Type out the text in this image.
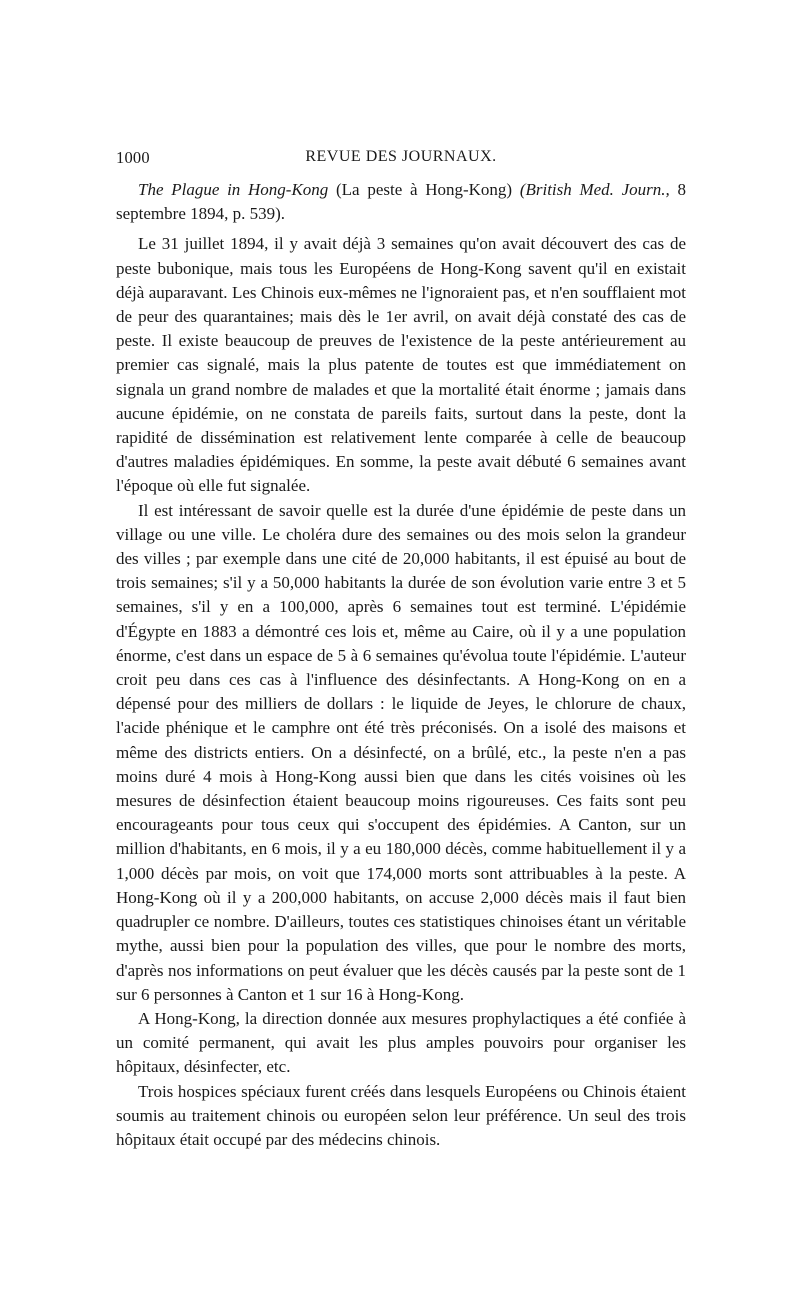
1000	REVUE DES JOURNAUX.

The Plague in Hong-Kong (La peste à Hong-Kong) (British Med. Journ., 8 septembre 1894, p. 539).

Le 31 juillet 1894, il y avait déjà 3 semaines qu'on avait découvert des cas de peste bubonique, mais tous les Européens de Hong-Kong savent qu'il en existait déjà auparavant. Les Chinois eux-mêmes ne l'ignoraient pas, et n'en soufflaient mot de peur des quarantaines; mais dès le 1er avril, on avait déjà constaté des cas de peste. Il existe beaucoup de preuves de l'existence de la peste antérieurement au premier cas signalé, mais la plus patente de toutes est que immédiatement on signala un grand nombre de malades et que la mortalité était énorme ; jamais dans aucune épidémie, on ne constata de pareils faits, surtout dans la peste, dont la rapidité de dissémination est relativement lente comparée à celle de beaucoup d'autres maladies épidémiques. En somme, la peste avait débuté 6 semaines avant l'époque où elle fut signalée.

Il est intéressant de savoir quelle est la durée d'une épidémie de peste dans un village ou une ville. Le choléra dure des semaines ou des mois selon la grandeur des villes ; par exemple dans une cité de 20,000 habitants, il est épuisé au bout de trois semaines; s'il y a 50,000 habitants la durée de son évolution varie entre 3 et 5 semaines, s'il y en a 100,000, après 6 semaines tout est terminé. L'épidémie d'Égypte en 1883 a démontré ces lois et, même au Caire, où il y a une population énorme, c'est dans un espace de 5 à 6 semaines qu'évolua toute l'épidémie. L'auteur croit peu dans ces cas à l'influence des désinfectants. A Hong-Kong on en a dépensé pour des milliers de dollars : le liquide de Jeyes, le chlorure de chaux, l'acide phénique et le camphre ont été très préconisés. On a isolé des maisons et même des districts entiers. On a désinfecté, on a brûlé, etc., la peste n'en a pas moins duré 4 mois à Hong-Kong aussi bien que dans les cités voisines où les mesures de désinfection étaient beaucoup moins rigoureuses. Ces faits sont peu encourageants pour tous ceux qui s'occupent des épidémies. A Canton, sur un million d'habitants, en 6 mois, il y a eu 180,000 décès, comme habituellement il y a 1,000 décès par mois, on voit que 174,000 morts sont attribuables à la peste. A Hong-Kong où il y a 200,000 habitants, on accuse 2,000 décès mais il faut bien quadrupler ce nombre. D'ailleurs, toutes ces statistiques chinoises étant un véritable mythe, aussi bien pour la population des villes, que pour le nombre des morts, d'après nos informations on peut évaluer que les décès causés par la peste sont de 1 sur 6 personnes à Canton et 1 sur 16 à Hong-Kong.

A Hong-Kong, la direction donnée aux mesures prophylactiques a été confiée à un comité permanent, qui avait les plus amples pouvoirs pour organiser les hôpitaux, désinfecter, etc.

Trois hospices spéciaux furent créés dans lesquels Européens ou Chinois étaient soumis au traitement chinois ou européen selon leur préférence. Un seul des trois hôpitaux était occupé par des médecins chinois.
